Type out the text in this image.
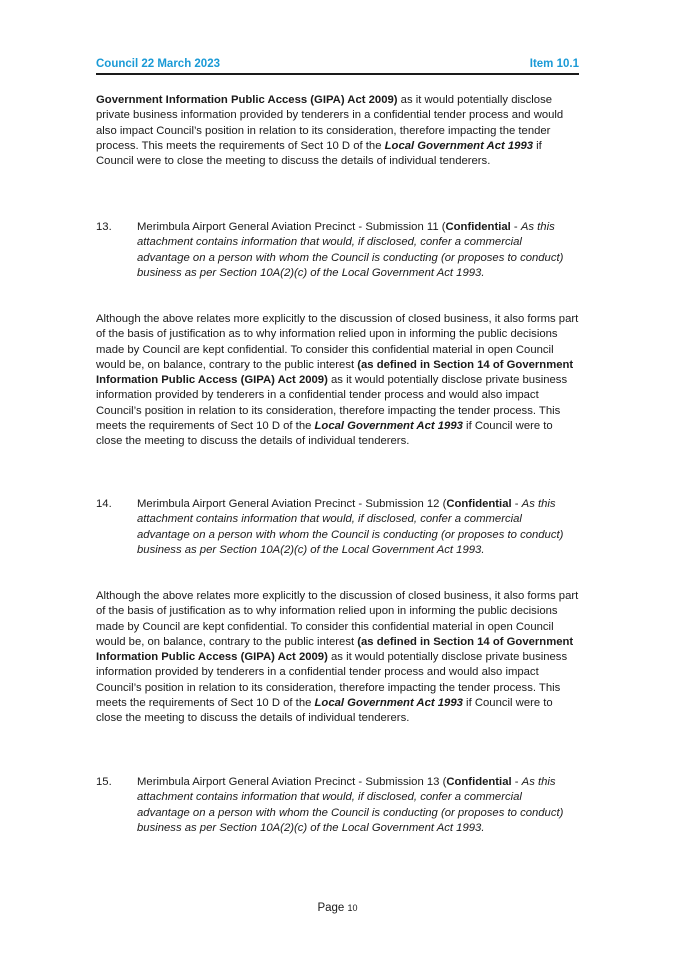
Council 22 March 2023	Item 10.1

Government Information Public Access (GIPA) Act 2009) as it would potentially disclose private business information provided by tenderers in a confidential tender process and would also impact Council’s position in relation to its consideration, therefore impacting the tender process. This meets the requirements of Sect 10 D of the Local Government Act 1993 if Council were to close the meeting to discuss the details of individual tenderers.

13.	Merimbula Airport General Aviation Precinct - Submission 11 (Confidential - As this attachment contains information that would, if disclosed, confer a commercial advantage on a person with whom the Council is conducting (or proposes to conduct) business as per Section 10A(2)(c) of the Local Government Act 1993.

Although the above relates more explicitly to the discussion of closed business, it also forms part of the basis of justification as to why information relied upon in informing the public decisions made by Council are kept confidential. To consider this confidential material in open Council would be, on balance, contrary to the public interest (as defined in Section 14 of Government Information Public Access (GIPA) Act 2009) as it would potentially disclose private business information provided by tenderers in a confidential tender process and would also impact Council’s position in relation to its consideration, therefore impacting the tender process. This meets the requirements of Sect 10 D of the Local Government Act 1993 if Council were to close the meeting to discuss the details of individual tenderers.

14.	Merimbula Airport General Aviation Precinct - Submission 12 (Confidential - As this attachment contains information that would, if disclosed, confer a commercial advantage on a person with whom the Council is conducting (or proposes to conduct) business as per Section 10A(2)(c) of the Local Government Act 1993.

Although the above relates more explicitly to the discussion of closed business, it also forms part of the basis of justification as to why information relied upon in informing the public decisions made by Council are kept confidential. To consider this confidential material in open Council would be, on balance, contrary to the public interest (as defined in Section 14 of Government Information Public Access (GIPA) Act 2009) as it would potentially disclose private business information provided by tenderers in a confidential tender process and would also impact Council’s position in relation to its consideration, therefore impacting the tender process. This meets the requirements of Sect 10 D of the Local Government Act 1993 if Council were to close the meeting to discuss the details of individual tenderers.

15.	Merimbula Airport General Aviation Precinct - Submission 13 (Confidential - As this attachment contains information that would, if disclosed, confer a commercial advantage on a person with whom the Council is conducting (or proposes to conduct) business as per Section 10A(2)(c) of the Local Government Act 1993.
Page 10
